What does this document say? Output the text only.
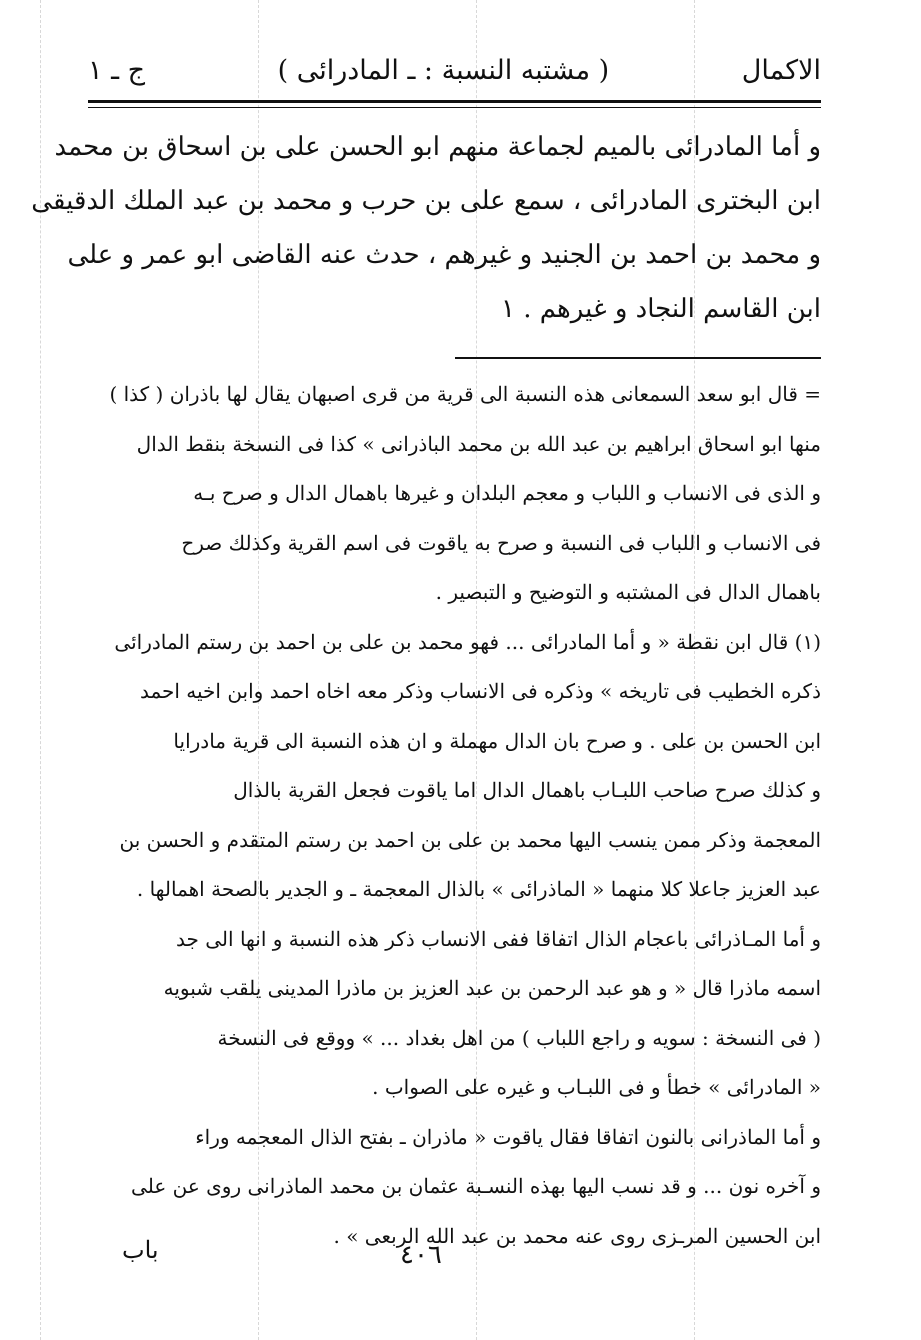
الاكمال
( مشتبه النسبة : ـ المادرائى )
ج ـ ١
و أما المادرائى بالميم لجماعة منهم ابو الحسن على بن اسحاق بن محمد
ابن البخترى المادرائى ، سمع على بن حرب و محمد بن عبد الملك الدقيقى
و محمد بن احمد بن الجنيد و غيرهم ، حدث عنه القاضى ابو عمر و على
ابن القاسم النجاد و غيرهم . ١
= قال ابو سعد السمعانى هذه النسبة الى قرية من قرى اصبهان يقال لها باذران ( كذا )
منها ابو اسحاق ابراهيم بن عبد الله بن محمد الباذرانى » كذا فى النسخة بنقط الدال
و الذى فى الانساب و اللباب و معجم البلدان و غيرها باهمال الدال و صرح بـه
فى الانساب و اللباب فى النسبة و صرح به ياقوت فى اسم القرية وكذلك صرح
باهمال الدال فى المشتبه و التوضيح و التبصير .
(١) قال ابن نقطة « و أما المادرائى ... فهو محمد بن على بن احمد بن رستم المادرائى
ذكره الخطيب فى تاريخه » وذكره فى الانساب وذكر معه اخاه احمد وابن اخيه احمد
ابن الحسن بن على . و صرح بان الدال مهملة و ان هذه النسبة الى قرية مادرايا
و كذلك صرح صاحب اللبـاب باهمال الدال اما ياقوت فجعل القرية بالذال
المعجمة وذكر ممن ينسب اليها محمد بن على بن احمد بن رستم المتقدم و الحسن بن
عبد العزيز جاعلا كلا منهما « الماذرائى » بالذال المعجمة ـ و الجدير بالصحة اهمالها .
و أما المـاذرائى باعجام الذال اتفاقا ففى الانساب ذكر هذه النسبة و انها الى جد
اسمه ماذرا قال « و هو عبد الرحمن بن عبد العزيز بن ماذرا المدينى يلقب شبويه
( فى النسخة : سويه و راجع اللباب ) من اهل بغداد ... » ووقع فى النسخة
« المادرائى » خطأ و فى اللبـاب و غيره على الصواب .
و أما الماذرانى بالنون اتفاقا فقال ياقوت « ماذران ـ بفتح الذال المعجمه وراء
و آخره نون ... و قد نسب اليها بهذه النسـبة عثمان بن محمد الماذرانى روى عن على
ابن الحسين المرـزى روى عنه محمد بن عبد الله الربعى » .
٤٠٦
باب
